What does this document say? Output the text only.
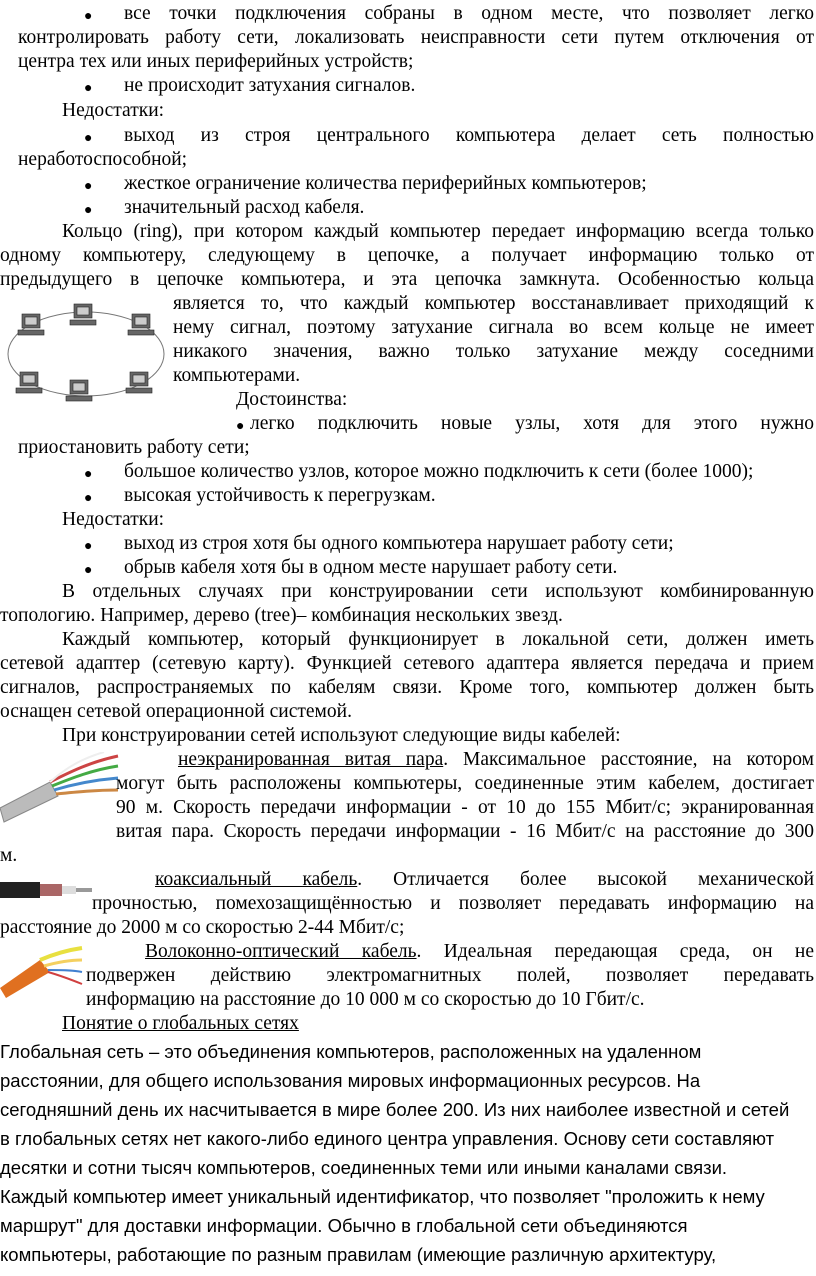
● все точки подключения собраны в одном месте, что позволяет легко
контролировать работу сети, локализовать неисправности сети путем отключения от
центра тех или иных периферийных устройств;
● не происходит затухания сигналов.
Недостатки:
● выход из строя центрального компьютера делает сеть полностью
неработоспособной;
● жесткое ограничение количества периферийных компьютеров;
● значительный расход кабеля.
Кольцо (ring), при котором каждый компьютер передает информацию всегда только
одному компьютеру, следующему в цепочке, а получает информацию только от
предыдущего в цепочке компьютера, и эта цепочка замкнута. Особенностью кольца
является то, что каждый компьютер восстанавливает приходящий к
нему сигнал, поэтому затухание сигнала во всем кольце не имеет
никакого значения, важно только затухание между соседними
компьютерами.
Достоинства:
● легко подключить новые узлы, хотя для этого нужно
приостановить работу сети;
● большое количество узлов, которое можно подключить к сети (более 1000);
● высокая устойчивость к перегрузкам.
Недостатки:
● выход из строя хотя бы одного компьютера нарушает работу сети;
● обрыв кабеля хотя бы в одном месте нарушает работу сети.
В отдельных случаях при конструировании сети используют комбинированную
топологию. Например, дерево (tree)– комбинация нескольких звезд.
Каждый компьютер, который функционирует в локальной сети, должен иметь
сетевой адаптер (сетевую карту). Функцией сетевого адаптера является передача и прием
сигналов, распространяемых по кабелям связи. Кроме того, компьютер должен быть
оснащен сетевой операционной системой.
При конструировании сетей используют следующие виды кабелей:
неэкранированная витая пара. Максимальное расстояние, на котором
могут быть расположены компьютеры, соединенные этим кабелем, достигает
90 м. Скорость передачи информации - от 10 до 155 Мбит/с; экранированная
витая пара. Скорость передачи информации - 16 Мбит/с на расстояние до 300
м.
коаксиальный кабель. Отличается более высокой механической
прочностью, помехозащищённостью и позволяет передавать информацию на
расстояние до 2000 м со скоростью 2-44 Мбит/с;
Волоконно-оптический кабель. Идеальная передающая среда, он не
подвержен действию электромагнитных полей, позволяет передавать
информацию на расстояние до 10 000 м со скоростью до 10 Гбит/с.
Понятие о глобальных сетях
Глобальная сеть – это объединения компьютеров, расположенных на удаленном
расстоянии, для общего использования мировых информационных ресурсов. На
сегодняшний день их насчитывается в мире более 200. Из них наиболее известной и сетей
в глобальных сетях нет какого-либо единого центра управления. Основу сети составляют
десятки и сотни тысяч компьютеров, соединенных теми или иными каналами связи.
Каждый компьютер имеет уникальный идентификатор, что позволяет "проложить к нему
маршрут" для доставки информации. Обычно в глобальной сети объединяются
компьютеры, работающие по разным правилам (имеющие различную архитектуру,
